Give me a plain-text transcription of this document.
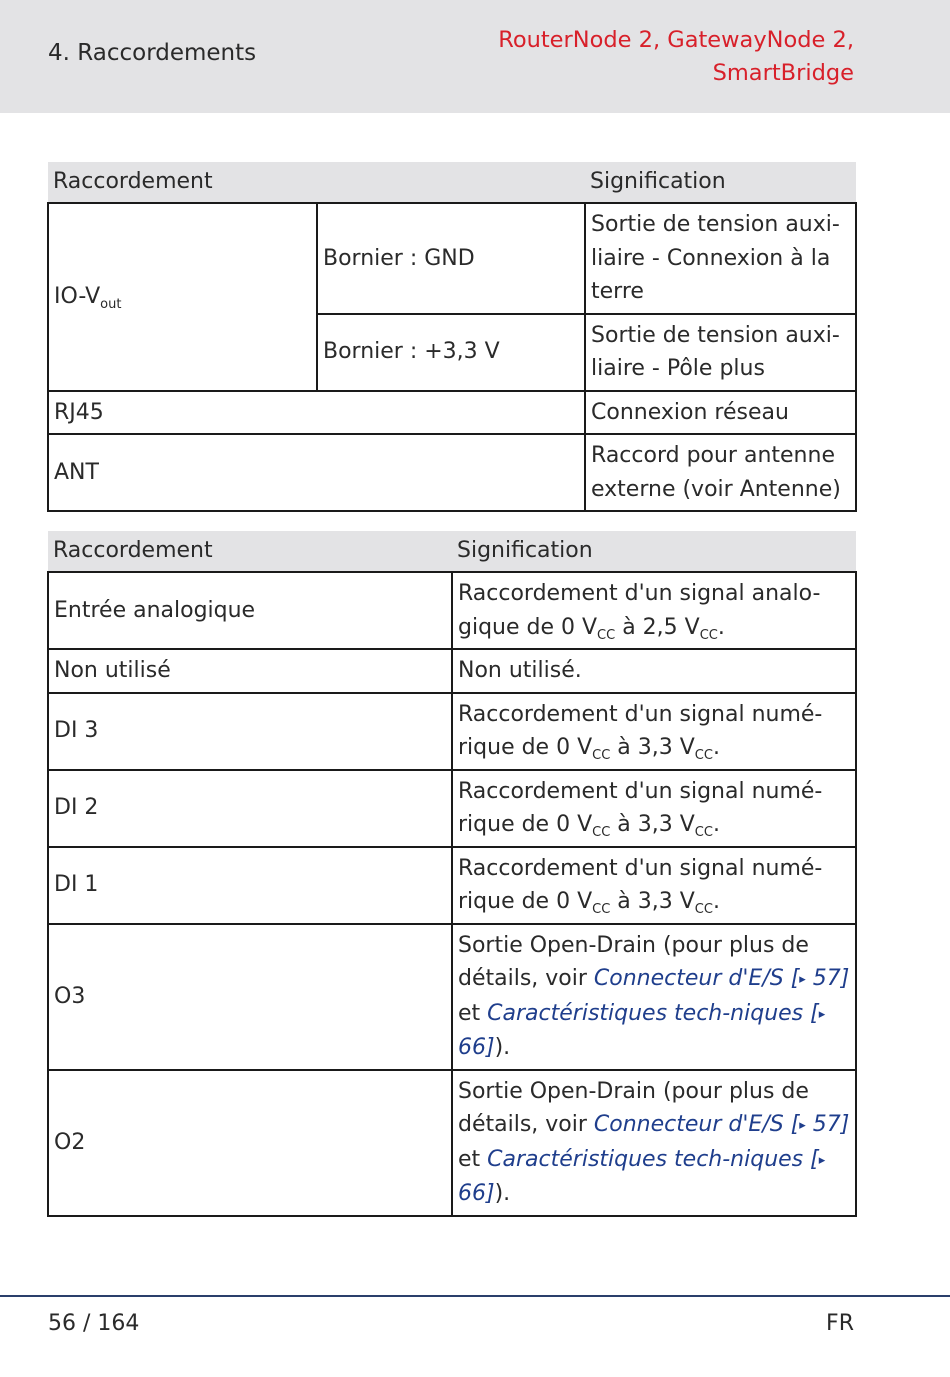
4. Raccordements	RouterNode 2, GatewayNode 2,
SmartBridge
Raccordement		Signification
$IO-V_{out}$	Bornier : GND	Sortie de tension auxi-liaire - Connexion à la terre
	Bornier : +3,3 V	Sortie de tension auxi-liaire - Pôle plus
RJ45		Connexion réseau
ANT		Raccord pour antenne externe (voir Antenne)
Raccordement	Signification
Entrée analogique	Raccordement d'un signal analo-gique de 0 $V_{CC}$ à 2,5 $V_{CC}$.
Non utilisé	Non utilisé.
DI 3	Raccordement d'un signal numé-rique de 0 $V_{CC}$ à 3,3 $V_{CC}$.
DI 2	Raccordement d'un signal numé-rique de 0 $V_{CC}$ à 3,3 $V_{CC}$.
DI 1	Raccordement d'un signal numé-rique de 0 $V_{CC}$ à 3,3 $V_{CC}$.
O3	Sortie Open-Drain (pour plus de détails, voir Connecteur d'E/S [▸ 57] et Caractéristiques tech-niques [▸ 66]).
O2	Sortie Open-Drain (pour plus de détails, voir Connecteur d'E/S [▸ 57] et Caractéristiques tech-niques [▸ 66]).
56 / 164	FR
